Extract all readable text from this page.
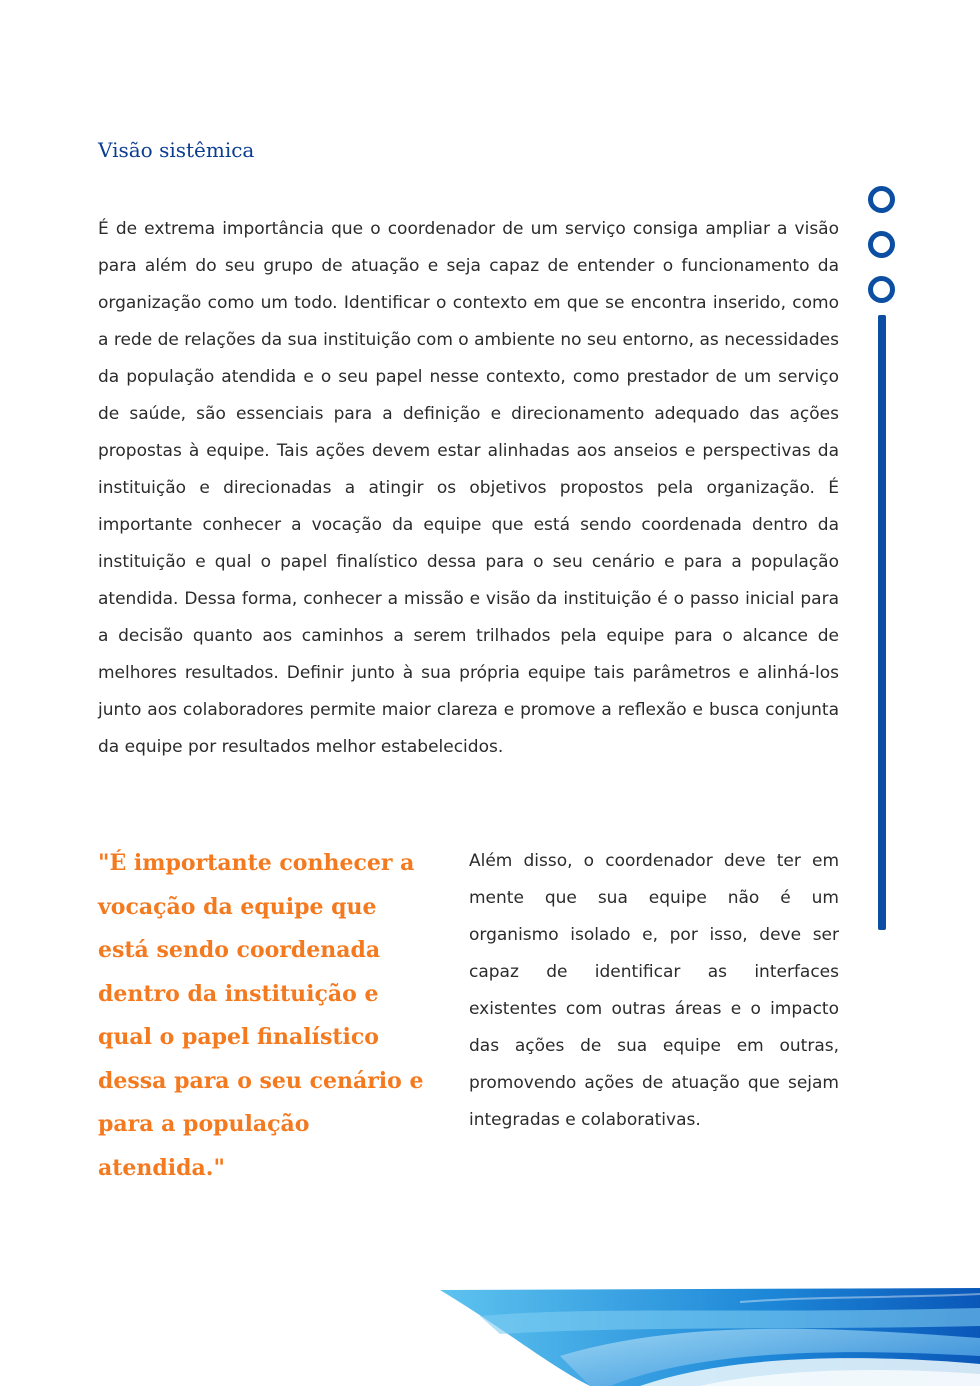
Visão sistêmica

É de extrema importância que o coordenador de um serviço consiga ampliar a visão para além do seu grupo de atuação e seja capaz de entender o funcionamento da organização como um todo. Identificar o contexto em que se encontra inserido, como a rede de relações da sua instituição com o ambiente no seu entorno, as necessidades da população atendida e o seu papel nesse contexto, como prestador de um serviço de saúde, são essenciais para a definição e direcionamento adequado das ações propostas à equipe. Tais ações devem estar alinhadas aos anseios e perspectivas da instituição e direcionadas a atingir os objetivos propostos pela organização. É importante conhecer a vocação da equipe que está sendo coordenada dentro da instituição e qual o papel finalístico dessa para o seu cenário e para a população atendida. Dessa forma, conhecer a missão e visão da instituição é o passo inicial para a decisão quanto aos caminhos a serem trilhados pela equipe para o alcance de melhores resultados. Definir junto à sua própria equipe tais parâmetros e alinhá-los junto aos colaboradores permite maior clareza e promove a reflexão e busca conjunta da equipe por resultados melhor estabelecidos.

"É importante conhecer a vocação da equipe que está sendo coordenada dentro da instituição e qual o papel finalístico dessa para o seu cenário e para a população atendida."

Além disso, o coordenador deve ter em mente que sua equipe não é um organismo isolado e, por isso, deve ser capaz de identificar as interfaces existentes com outras áreas e o impacto das ações de sua equipe em outras, promovendo ações de atuação que sejam integradas e colaborativas.
